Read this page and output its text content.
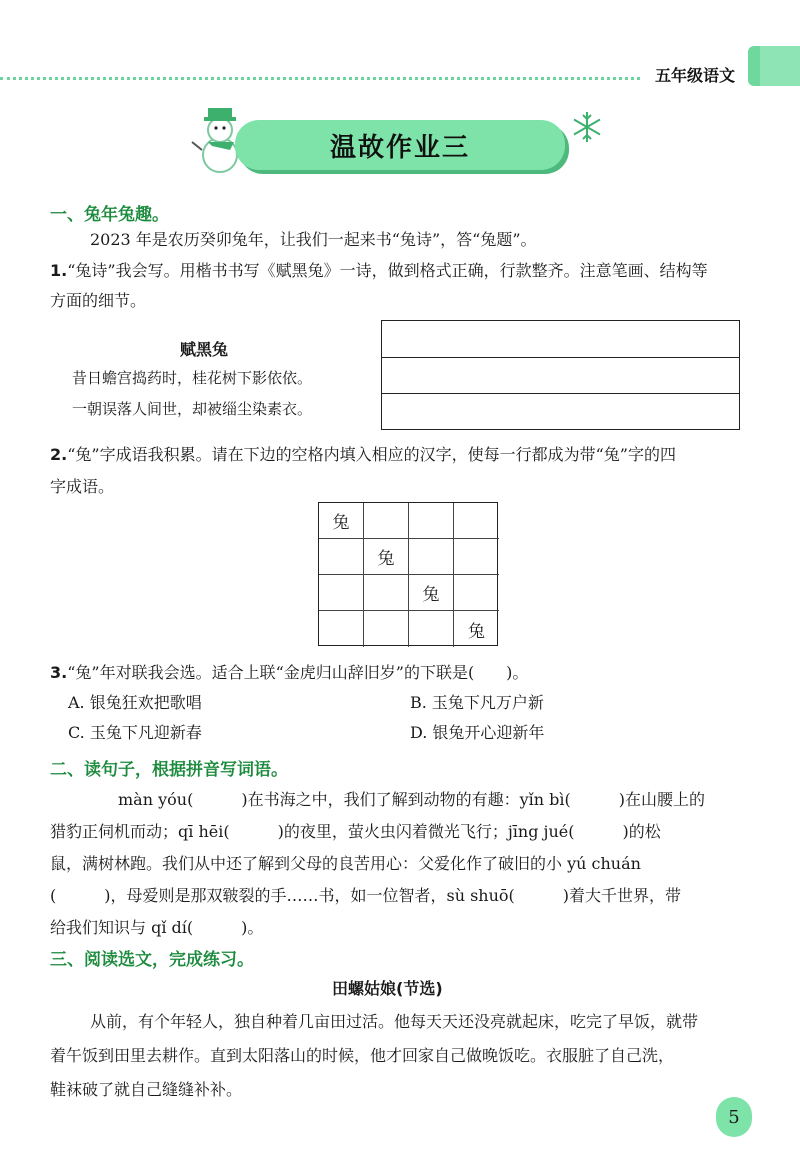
五年级语文
温故作业三
一、兔年兔趣。
2023 年是农历癸卯兔年，让我们一起来书“兔诗”，答“兔题”。
1.“兔诗”我会写。用楷书书写《赋黑兔》一诗，做到格式正确，行款整齐。注意笔画、结构等
方面的细节。
赋黑兔
昔日蟾宫捣药时，桂花树下影依依。
一朝误落人间世，却被缁尘染素衣。
2.“兔”字成语我积累。请在下边的空格内填入相应的汉字，使每一行都成为带“兔”字的四
字成语。
兔
兔
兔
兔
3.“兔”年对联我会选。适合上联“金虎归山辞旧岁”的下联是(　　)。
A. 银兔狂欢把歌唱	B. 玉兔下凡万户新
C. 玉兔下凡迎新春	D. 银兔开心迎新年
二、读句子，根据拼音写词语。
màn yóu(　　　)在书海之中，我们了解到动物的有趣：yǐn bì(　　　)在山腰上的
猎豹正伺机而动；qī hēi(　　　)的夜里，萤火虫闪着微光飞行；jīng jué(　　　)的松
鼠，满树林跑。我们从中还了解到父母的良苦用心：父爱化作了破旧的小 yú chuán
(　　　)，母爱则是那双皲裂的手……书，如一位智者，sù shuō(　　　)着大千世界，带
给我们知识与 qǐ dí(　　　)。
三、阅读选文，完成练习。
田螺姑娘(节选)
从前，有个年轻人，独自种着几亩田过活。他每天天还没亮就起床，吃完了早饭，就带
着午饭到田里去耕作。直到太阳落山的时候，他才回家自己做晚饭吃。衣服脏了自己洗，
鞋袜破了就自己缝缝补补。
5
